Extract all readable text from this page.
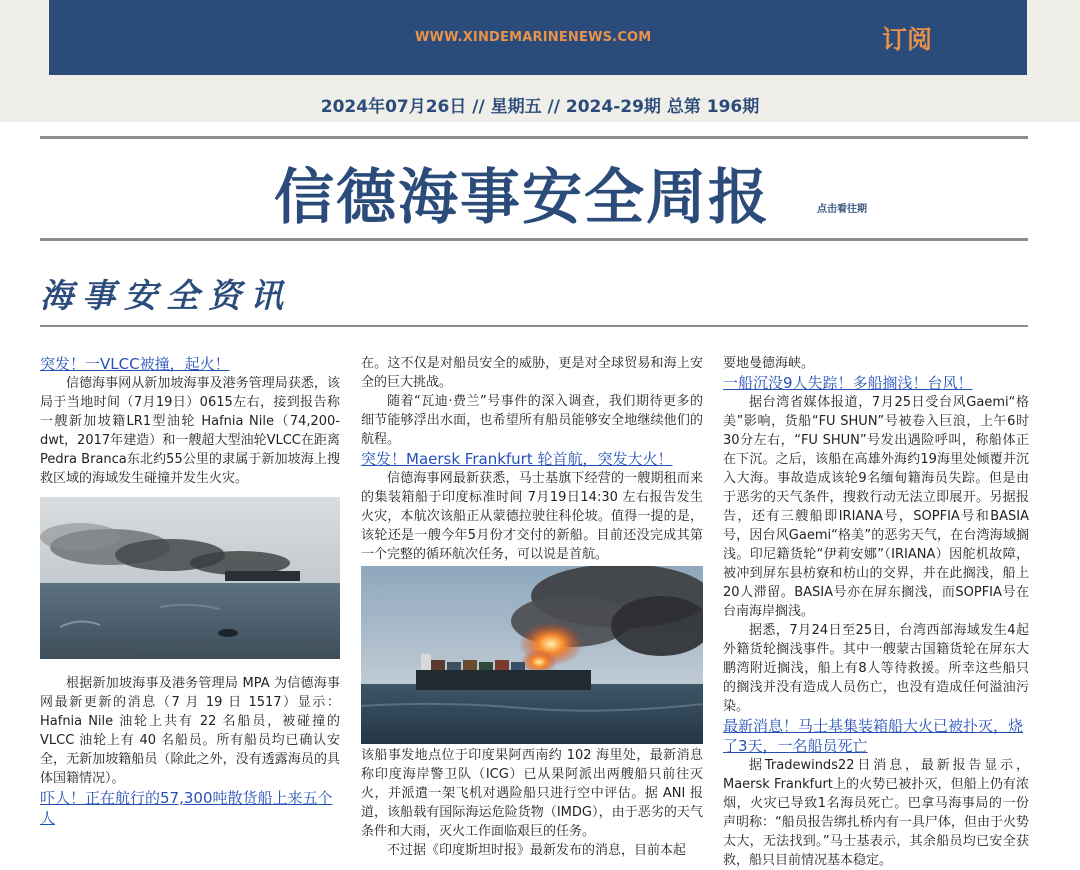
WWW.XINDEMARINENEWS.COM	订阅
2024年07月26日 // 星期五 // 2024-29期 总第 196期
信德海事安全周报	点击看往期
海事安全资讯
突发！一VLCC被撞，起火！

信德海事网从新加坡海事及港务管理局获悉，该局于当地时间（7月19日）0615左右，接到报告称一艘新加坡籍LR1型油轮 Hafnia Nile（74,200-dwt，2017年建造）和一艘超大型油轮VLCC在距离Pedra Branca东北约55公里的隶属于新加坡海上搜救区域的海域发生碰撞并发生火灾。

RSS Supreme's rigid-hull inflatable boat approaching Hafnia Nile in the vicinity of the incident on Jul 19, 2024 (Photo: Facebook/Republic of Singapore Navy)

根据新加坡海事及港务管理局 MPA 为信德海事网最新更新的消息（7 月 19 日 1517）显示：Hafnia Nile 油轮上共有 22 名船员，被碰撞的VLCC 油轮上有 40 名船员。所有船员均已确认安全，无新加坡籍船员（除此之外，没有透露海员的具体国籍情况）。

吓人！正在航行的57,300吨散货船上来五个人

在。这不仅是对船员安全的威胁，更是对全球贸易和海上安全的巨大挑战。

随着“瓦迪·费兰”号事件的深入调查，我们期待更多的细节能够浮出水面，也希望所有船员能够安全地继续他们的航程。

突发！Maersk Frankfurt 轮首航，突发大火！

信德海事网最新获悉，马士基旗下经营的一艘期租而来的集装箱船于印度标准时间 7月19日14:30 左右报告发生火灾，本航次该船正从蒙德拉驶往科伦坡。值得一提的是，该轮还是一艘今年5月份才交付的新船。目前还没完成其第一个完整的循环航次任务，可以说是首航。

该船事发地点位于印度果阿西南约 102 海里处，最新消息称印度海岸警卫队（ICG）已从果阿派出两艘船只前往灭火，并派遣一架飞机对遇险船只进行空中评估。据 ANI 报道，该船载有国际海运危险货物（IMDG），由于恶劣的天气条件和大雨，灭火工作面临艰巨的任务。

不过据《印度斯坦时报》最新发布的消息，目前本起

要地曼德海峡。

一船沉没9人失踪！多船搁浅！台风！

据台湾省媒体报道，7月25日受台风Gaemi“格美”影响，货船“FU SHUN”号被卷入巨浪，上午6时30分左右，“FU SHUN”号发出遇险呼叫，称船体正在下沉。之后，该船在高雄外海约19海里处倾覆并沉入大海。事故造成该轮9名缅甸籍海员失踪。但是由于恶劣的天气条件，搜救行动无法立即展开。另据报告，还有三艘船即IRIANA号，SOPFIA号和BASIA号，因台风Gaemi“格美”的恶劣天气，在台湾海域搁浅。印尼籍货轮“伊莉安娜”（IRIANA）因舵机故障，被冲到屏东县枋寮和枋山的交界，并在此搁浅，船上20人滞留。BASIA号亦在屏东搁浅，而SOPFIA号在台南海岸搁浅。

据悉，7月24日至25日，台湾西部海域发生4起外籍货轮搁浅事件。其中一艘蒙古国籍货轮在屏东大鹏湾附近搁浅，船上有8人等待救援。所幸这些船只的搁浅并没有造成人员伤亡，也没有造成任何溢油污染。

最新消息！马士基集装箱船大火已被扑灭，烧了3天，一名船员死亡

据Tradewinds22日消息，最新报告显示，Maersk Frankfurt上的火势已被扑灭，但船上仍有浓烟，火灾已导致1名海员死亡。巴拿马海事局的一份声明称：“船员报告绑扎桥内有一具尸体，但由于火势太大，无法找到。”马士基表示，其余船员均已安全获救，船只目前情况基本稳定。
